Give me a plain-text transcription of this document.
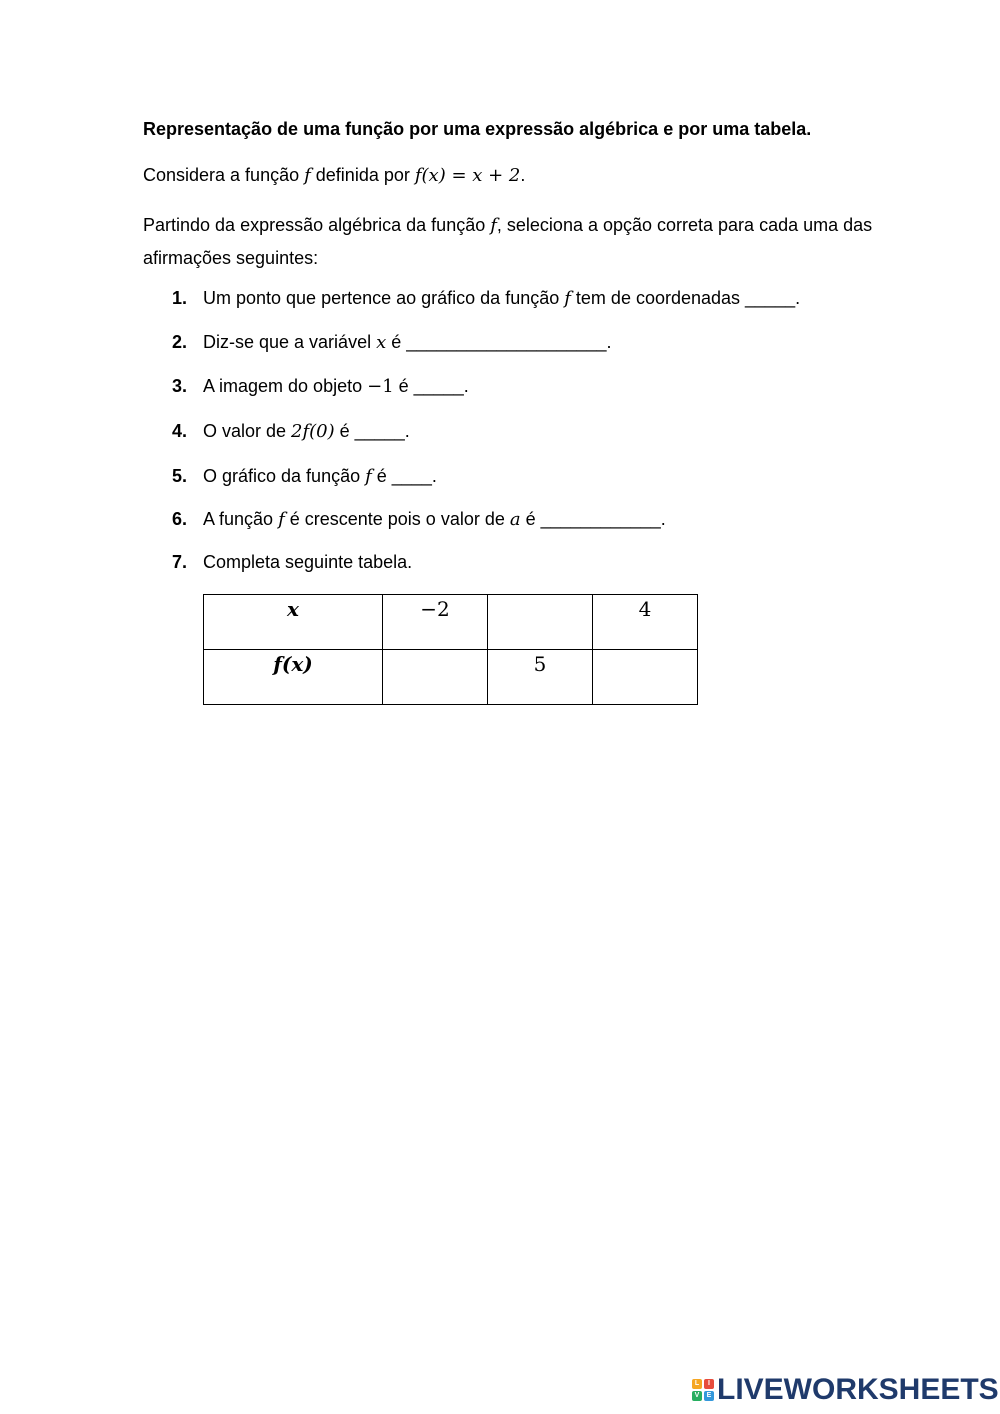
Representação de uma função por uma expressão algébrica e por uma tabela.
Considera a função f definida por f(x) = x + 2.
Partindo da expressão algébrica da função f, seleciona a opção correta para cada uma das afirmações seguintes:
1. Um ponto que pertence ao gráfico da função f tem de coordenadas _____.
2. Diz-se que a variável x é ____________________.
3. A imagem do objeto −1 é _____.
4. O valor de 2f(0) é _____.
5. O gráfico da função f é ____.
6. A função f é crescente pois o valor de a é ____________.
7. Completa seguinte tabela.
x	−2		4
f(x)		5	
L	I
V	E LIVEWORKSHEETS
